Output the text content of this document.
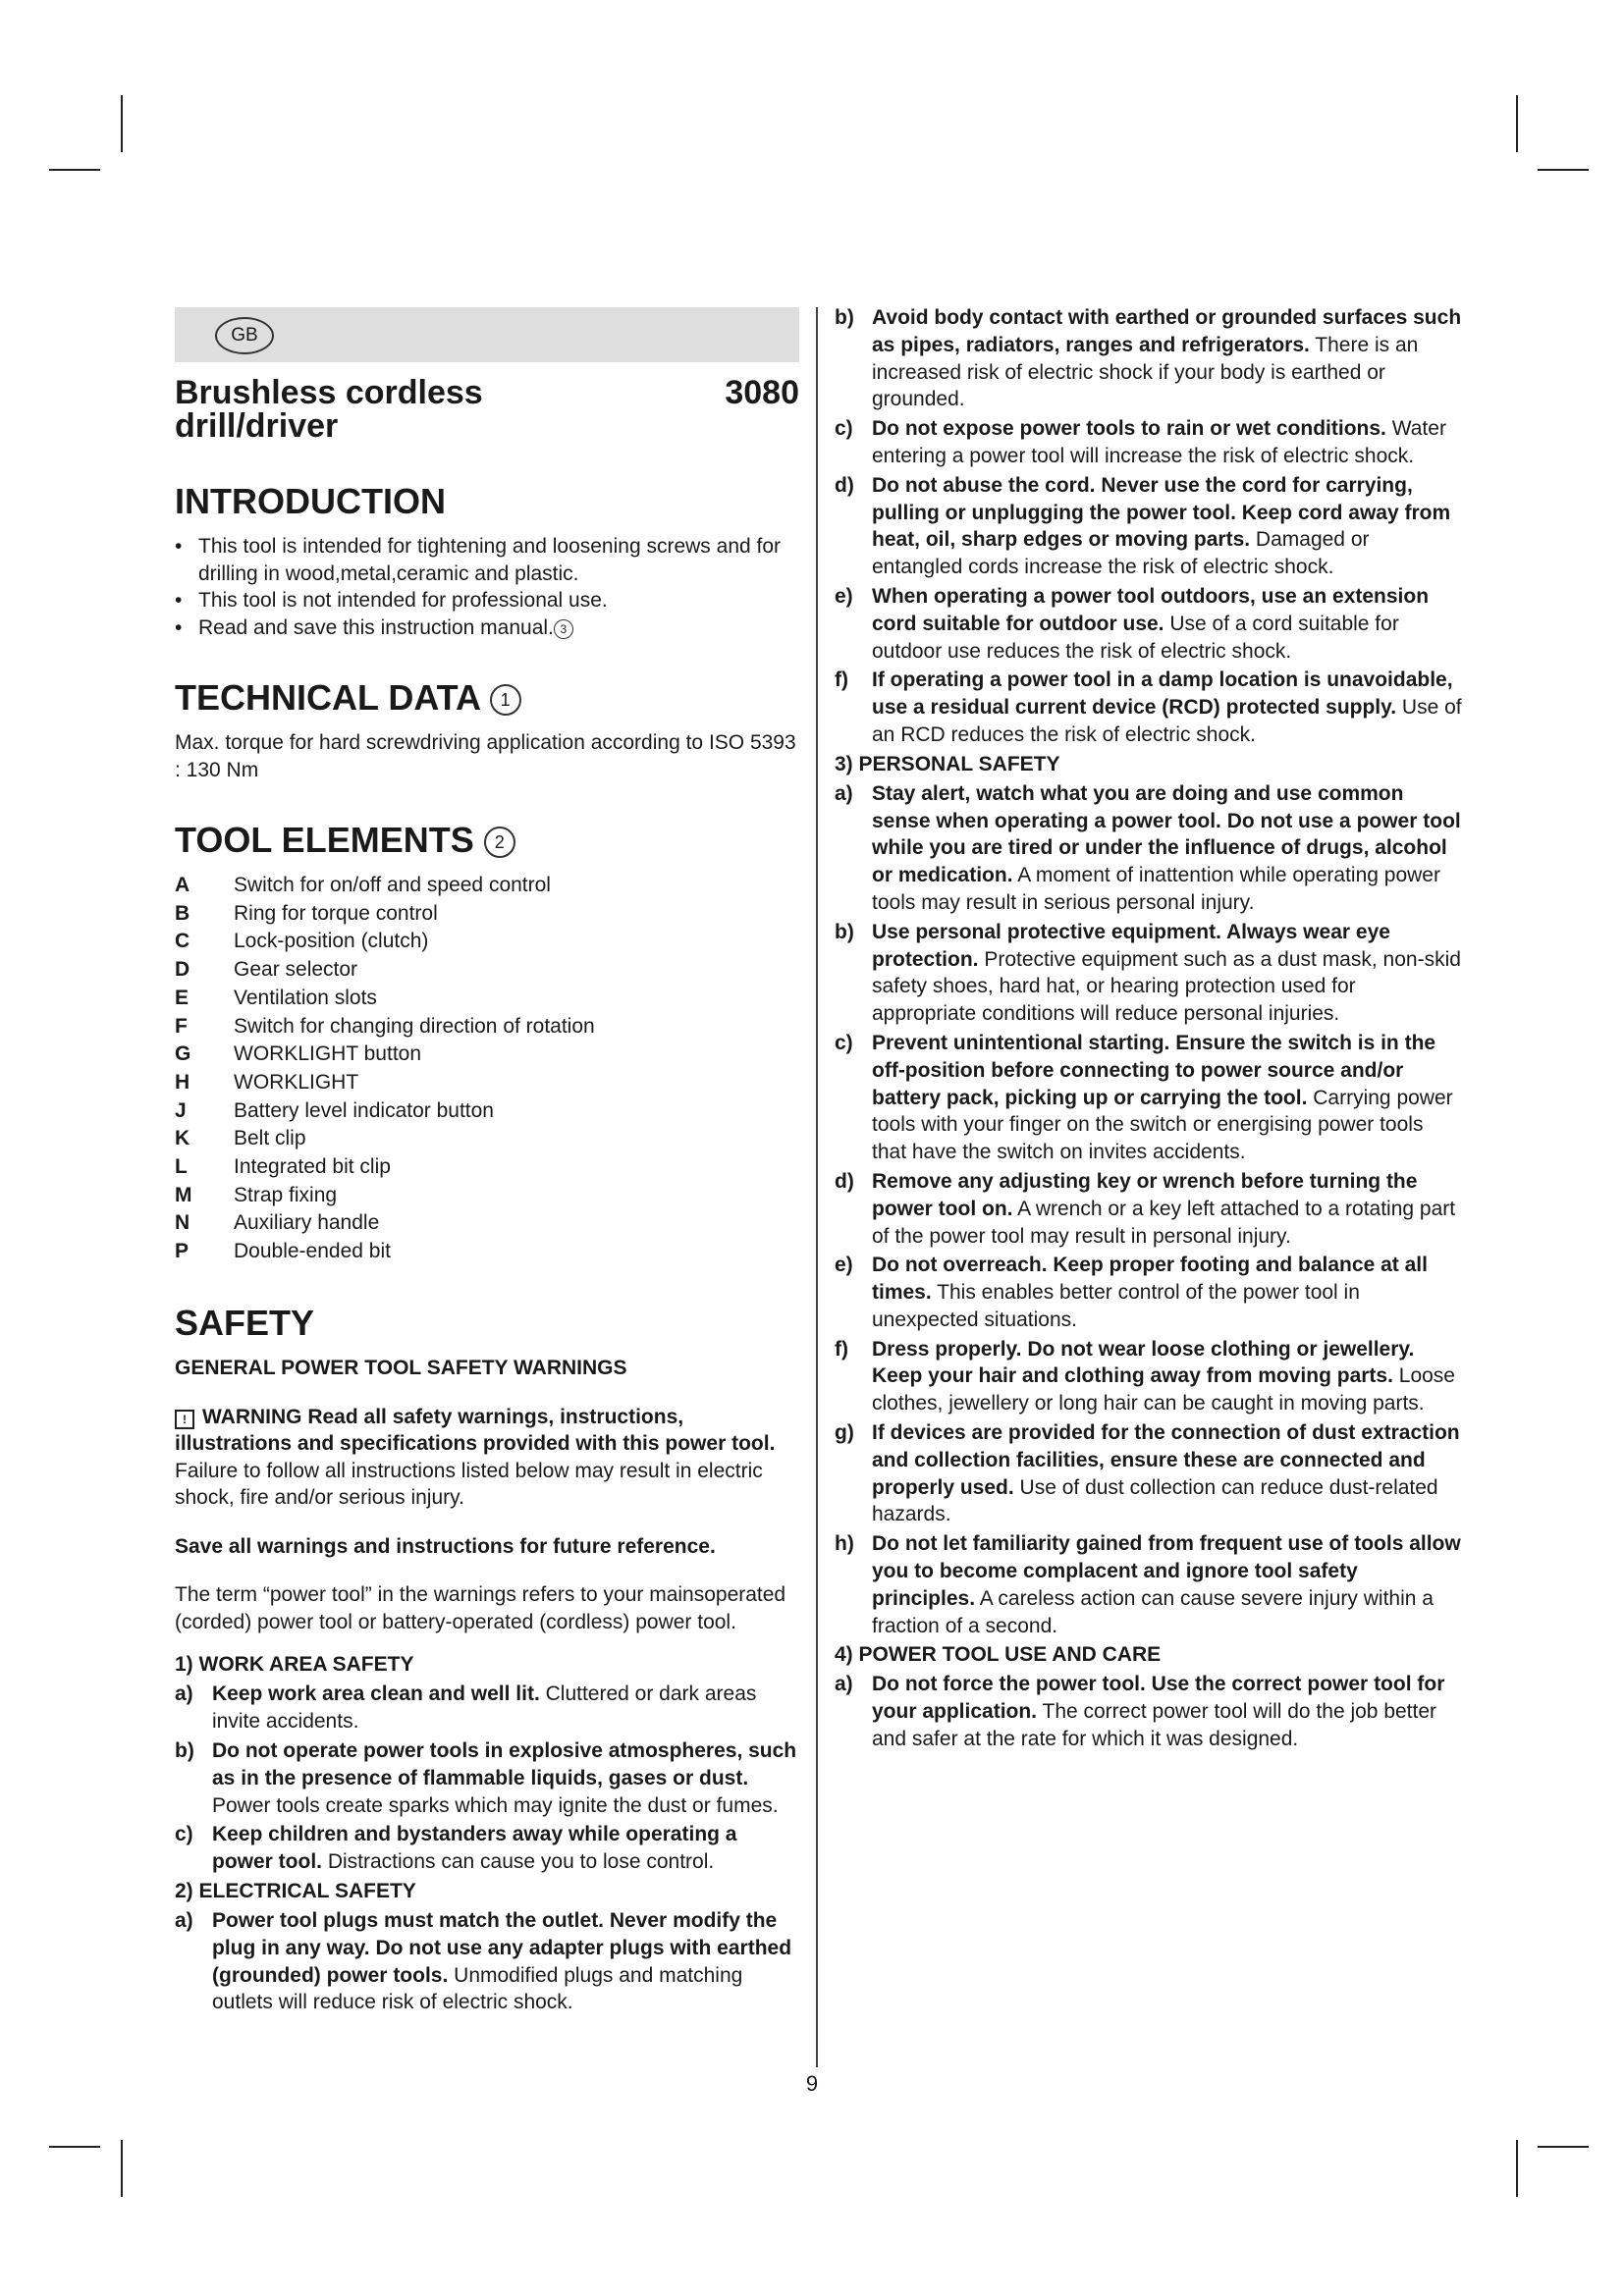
GB
Brushless cordless
drill/driver
3080
INTRODUCTION
• This tool is intended for tightening and loosening screws and for drilling in wood,metal,ceramic and plastic.
• This tool is not intended for professional use.
• Read and save this instruction manual. 3
TECHNICAL DATA 1

Max. torque for hard screwdriving application according to ISO 5393 : 130 Nm

TOOL ELEMENTS 2
A	Switch for on/off and speed control
B	Ring for torque control
C	Lock-position (clutch)
D	Gear selector
E	Ventilation slots
F	Switch for changing direction of rotation
G	WORKLIGHT button
H	WORKLIGHT
J	Battery level indicator button
K	Belt clip
L	Integrated bit clip
M	Strap fixing
N	Auxiliary handle
P	Double-ended bit
SAFETY
GENERAL POWER TOOL SAFETY WARNINGS

! WARNING Read all safety warnings, instructions, illustrations and specifications provided with this power tool. Failure to follow all instructions listed below may result in electric shock, fire and/or serious injury.

Save all warnings and instructions for future reference.

The term “power tool” in the warnings refers to your mainsoperated (corded) power tool or battery-operated (cordless) power tool.

1) WORK AREA SAFETY
a) Keep work area clean and well lit. Cluttered or dark areas invite accidents.
b) Do not operate power tools in explosive atmospheres, such as in the presence of flammable liquids, gases or dust. Power tools create sparks which may ignite the dust or fumes.
c) Keep children and bystanders away while operating a power tool. Distractions can cause you to lose control.
2) ELECTRICAL SAFETY
a) Power tool plugs must match the outlet. Never modify the plug in any way. Do not use any adapter plugs with earthed (grounded) power tools. Unmodified plugs and matching outlets will reduce risk of electric shock.
b) Avoid body contact with earthed or grounded surfaces such as pipes, radiators, ranges and refrigerators. There is an increased risk of electric shock if your body is earthed or grounded.
c) Do not expose power tools to rain or wet conditions. Water entering a power tool will increase the risk of electric shock.
d) Do not abuse the cord. Never use the cord for carrying, pulling or unplugging the power tool. Keep cord away from heat, oil, sharp edges or moving parts. Damaged or entangled cords increase the risk of electric shock.
e) When operating a power tool outdoors, use an extension cord suitable for outdoor use. Use of a cord suitable for outdoor use reduces the risk of electric shock.
f)	If operating a power tool in a damp location is unavoidable, use a residual current device (RCD) protected supply. Use of an RCD reduces the risk of electric shock.
3) PERSONAL SAFETY
a) Stay alert, watch what you are doing and use common sense when operating a power tool. Do not use a power tool while you are tired or under the influence of drugs, alcohol or medication. A moment of inattention while operating power tools may result in serious personal injury.
b) Use personal protective equipment. Always wear eye protection. Protective equipment such as a dust mask, non-skid safety shoes, hard hat, or hearing protection used for appropriate conditions will reduce personal injuries.
c) Prevent unintentional starting. Ensure the switch is in the off-position before connecting to power source and/or battery pack, picking up or carrying the tool. Carrying power tools with your finger on the switch or energising power tools that have the switch on invites accidents.
d) Remove any adjusting key or wrench before turning the power tool on. A wrench or a key left attached to a rotating part of the power tool may result in personal injury.
e) Do not overreach. Keep proper footing and balance at all times. This enables better control of the power tool in unexpected situations.
f)	Dress properly. Do not wear loose clothing or jewellery. Keep your hair and clothing away from moving parts. Loose clothes, jewellery or long hair can be caught in moving parts.
g) If devices are provided for the connection of dust extraction and collection facilities, ensure these are connected and properly used. Use of dust collection can reduce dust-related hazards.
h) Do not let familiarity gained from frequent use of tools allow you to become complacent and ignore tool safety principles. A careless action can cause severe injury within a fraction of a second.
4) POWER TOOL USE AND CARE
a) Do not force the power tool. Use the correct power tool for your application. The correct power tool will do the job better and safer at the rate for which it was designed.
9
